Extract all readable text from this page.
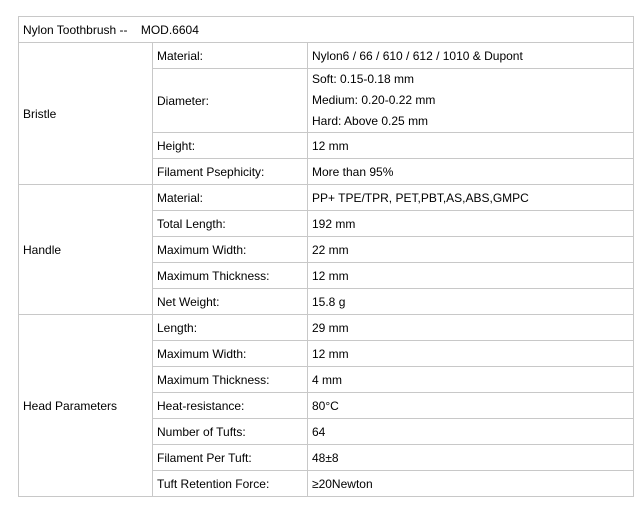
Nylon Toothbrush -- MOD.6604		
Bristle	Material:	Nylon6 / 66 / 610 / 612 / 1010 & Dupont
	Diameter:	Soft: 0.15-0.18 mm
Medium: 0.20-0.22 mm
Hard: Above 0.25 mm

	Height:	12 mm
	Filament Psephicity:	More than 95%
Handle	Material:	PP+ TPE/TPR, PET,PBT,AS,ABS,GMPC
	Total Length:	192 mm
	Maximum Width:	22 mm
	Maximum Thickness:	12 mm
	Net Weight:	15.8 g
Head Parameters	Length:	29 mm
	Maximum Width:	12 mm
	Maximum Thickness:	4 mm
	Heat-resistance:	80°C
	Number of Tufts:	64
	Filament Per Tuft:	48±8
	Tuft Retention Force:	≥20Newton
